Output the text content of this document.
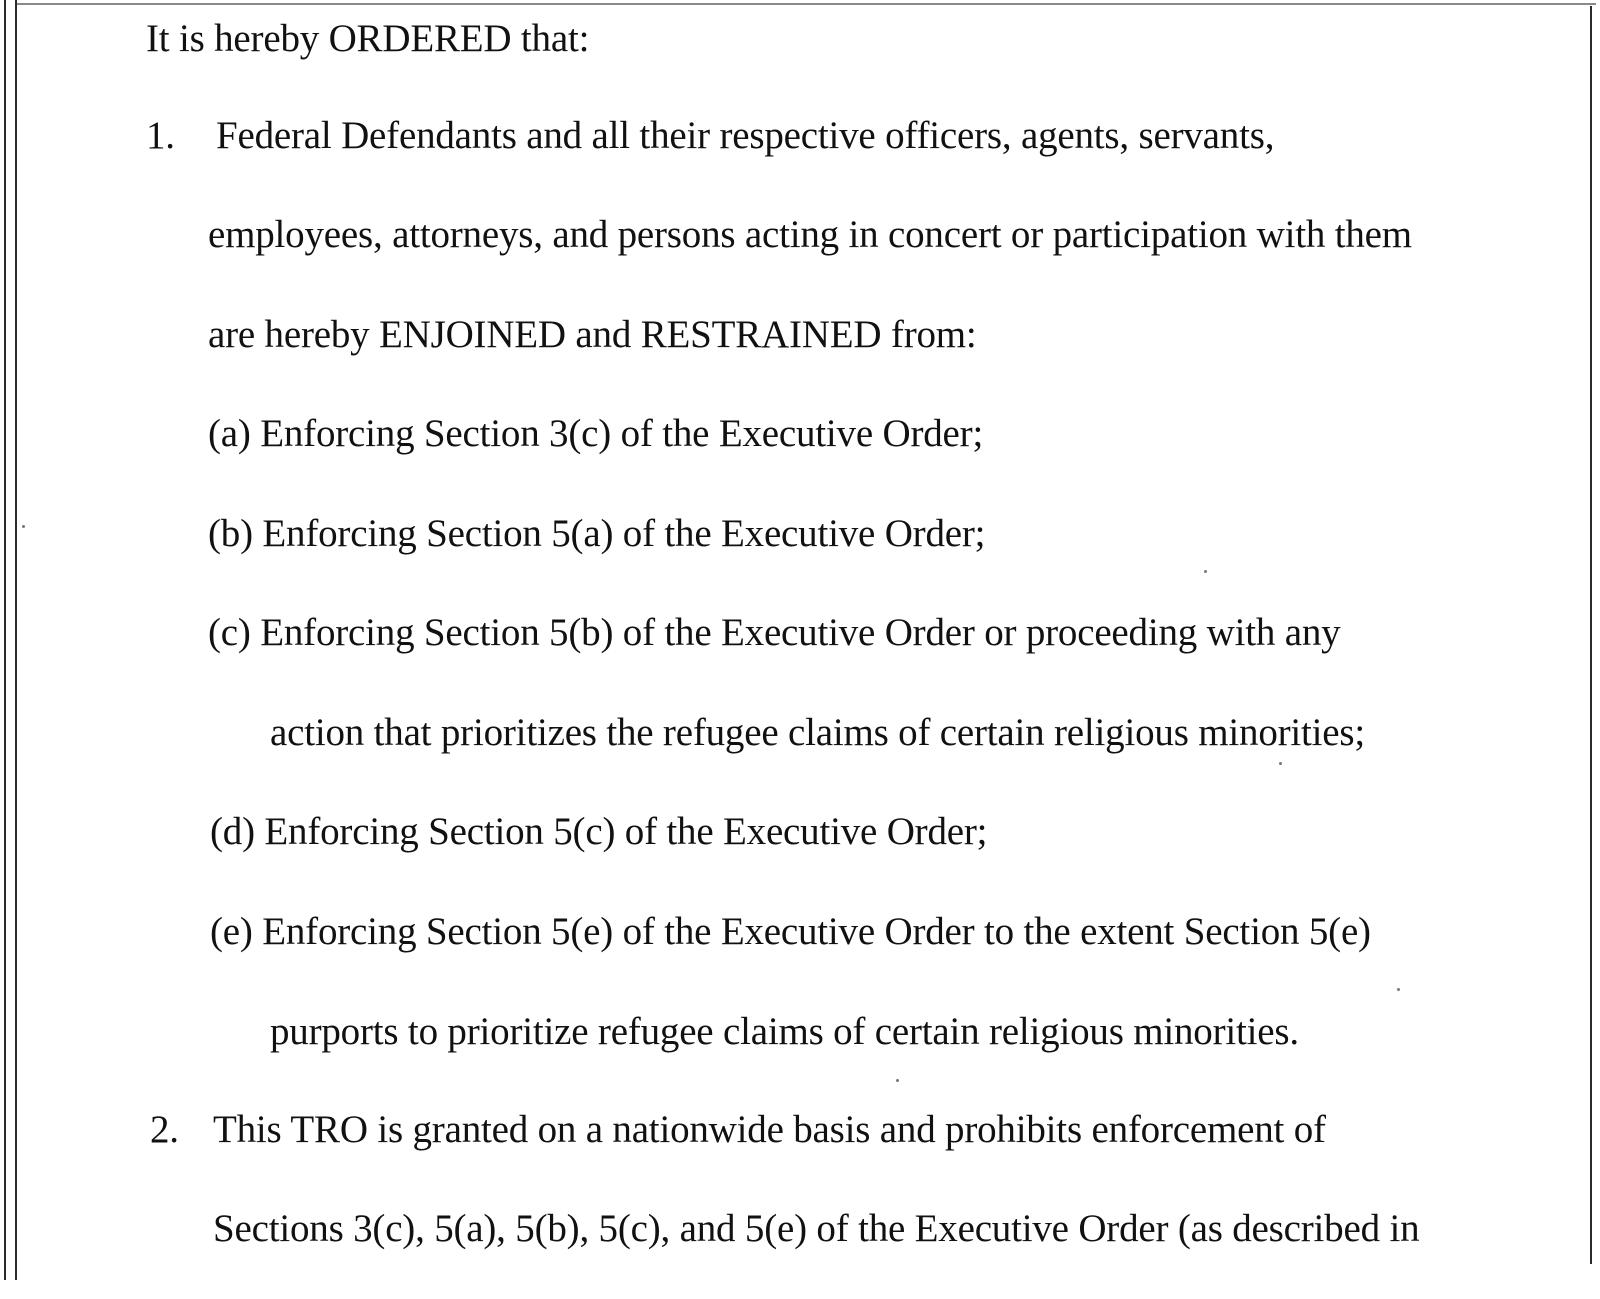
It is hereby ORDERED that:
1. Federal Defendants and all their respective officers, agents, servants,
employees, attorneys, and persons acting in concert or participation with them
are hereby ENJOINED and RESTRAINED from:
(a) Enforcing Section 3(c) of the Executive Order;
(b) Enforcing Section 5(a) of the Executive Order;
(c) Enforcing Section 5(b) of the Executive Order or proceeding with any
action that prioritizes the refugee claims of certain religious minorities;
(d) Enforcing Section 5(c) of the Executive Order;
(e) Enforcing Section 5(e) of the Executive Order to the extent Section 5(e)
purports to prioritize refugee claims of certain religious minorities.
2. This TRO is granted on a nationwide basis and prohibits enforcement of
Sections 3(c), 5(a), 5(b), 5(c), and 5(e) of the Executive Order (as described in
